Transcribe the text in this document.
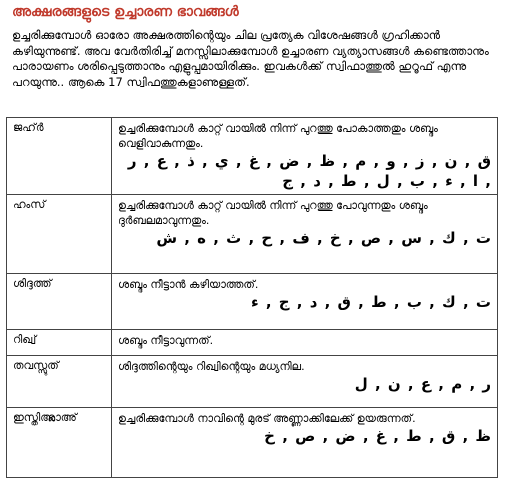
അക്ഷരങ്ങളുടെ ഉച്ചാരണ ഭാവങ്ങൾ
ഉച്ചരിക്കുമ്പോൾ ഓരോ അക്ഷരത്തിന്റെയും ചില പ്രത്യേക വിശേഷങ്ങൾ ഗ്രഹിക്കാൻ കഴിയുന്നുണ്ട്. അവ വേർതിരിച്ച് മനസ്സിലാക്കുമ്പോൾ ഉച്ചാരണ വ്യത്യാസങ്ങൾ കണ്ടെത്താനും പാരായണം ശരിപ്പെടുത്താനും എളുപ്പമായിരിക്കും. ഇവകൾക്ക് സ്വിഫാത്തുൽ ഹുറൂഫ് എന്നു പറയുന്നു.. ആകെ 17 സ്വിഫത്തുകളാണുള്ളത്.
ജഹ്ർ	ഉച്ചരിക്കുമ്പോൾ കാറ്റ് വായിൽ നിന്ന് പുറത്തു പോകാത്തതും ശബ്ദം വെളിവാകുന്നതും.
ق , ن , ز , و , م , ظ , ض , غ , ي , ذ , ع , ر , ا , ء , ب , ل , ط , د , ج

ഹംസ്	ഉച്ചരിക്കുമ്പോൾ കാറ്റ് വായിൽ നിന്ന് പുറത്തു പോവുന്നതും ശബ്ദം ദുർബലമാവുന്നതും.
ت , ك , س , ص , خ , ف , ح , ث , ه , ش

ശിദ്ദത്ത്	ശബ്ദം നീട്ടാൻ കഴിയാത്തത്.
ت , ك , ب , ط , ق , د , ج , ء

റിഖ്വ്	ശബ്ദം നീട്ടാവുന്നത്.

തവസ്സുത്	ശിദ്ദത്തിന്റെയും റിഖ്വിന്റെയും മധ്യനില.
ر , م , ع , ن , ل

ഇസ്തിഅ്ലാഅ്	ഉച്ചരിക്കുമ്പോൾ നാവിന്റെ മുരട് അണ്ണാക്കിലേക്ക് ഉയരുന്നത്.
ظ , ق , ط , غ , ض , ص , خ
